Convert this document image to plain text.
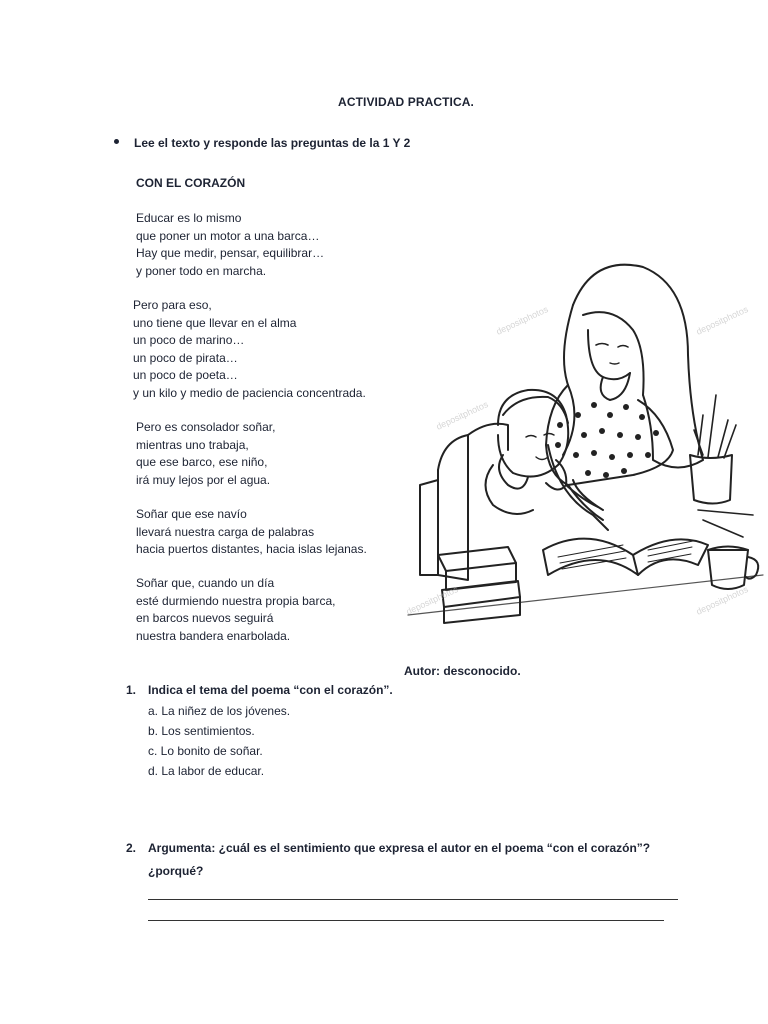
ACTIVIDAD PRACTICA.
Lee el texto y responde las preguntas de la 1 Y 2
CON EL CORAZÓN
Educar es lo mismo
que poner un motor a una barca…
Hay que medir, pensar, equilibrar…
y poner todo en marcha.
Pero para eso,
uno tiene que llevar en el alma
un poco de marino…
un poco de pirata…
un poco de poeta…
y un kilo y medio de paciencia concentrada.
Pero es consolador soñar,
mientras uno trabaja,
que ese barco, ese niño,
irá muy lejos por el agua.
Soñar que ese navío
llevará nuestra carga de palabras
hacia puertos distantes, hacia islas lejanas.
Soñar que, cuando un día
esté durmiendo nuestra propia barca,
en barcos nuevos seguirá
nuestra bandera enarbolada.
depositphotos	depositphotos
depositphotos
depositphotos	depositphotos
Autor: desconocido.
1. Indica el tema del poema “con el corazón”.
a. La niñez de los jóvenes.
b. Los sentimientos.
c. Lo bonito de soñar.
d. La labor de educar.
2. Argumenta: ¿cuál es el sentimiento que expresa el autor en el poema “con el corazón”?
¿porqué?
